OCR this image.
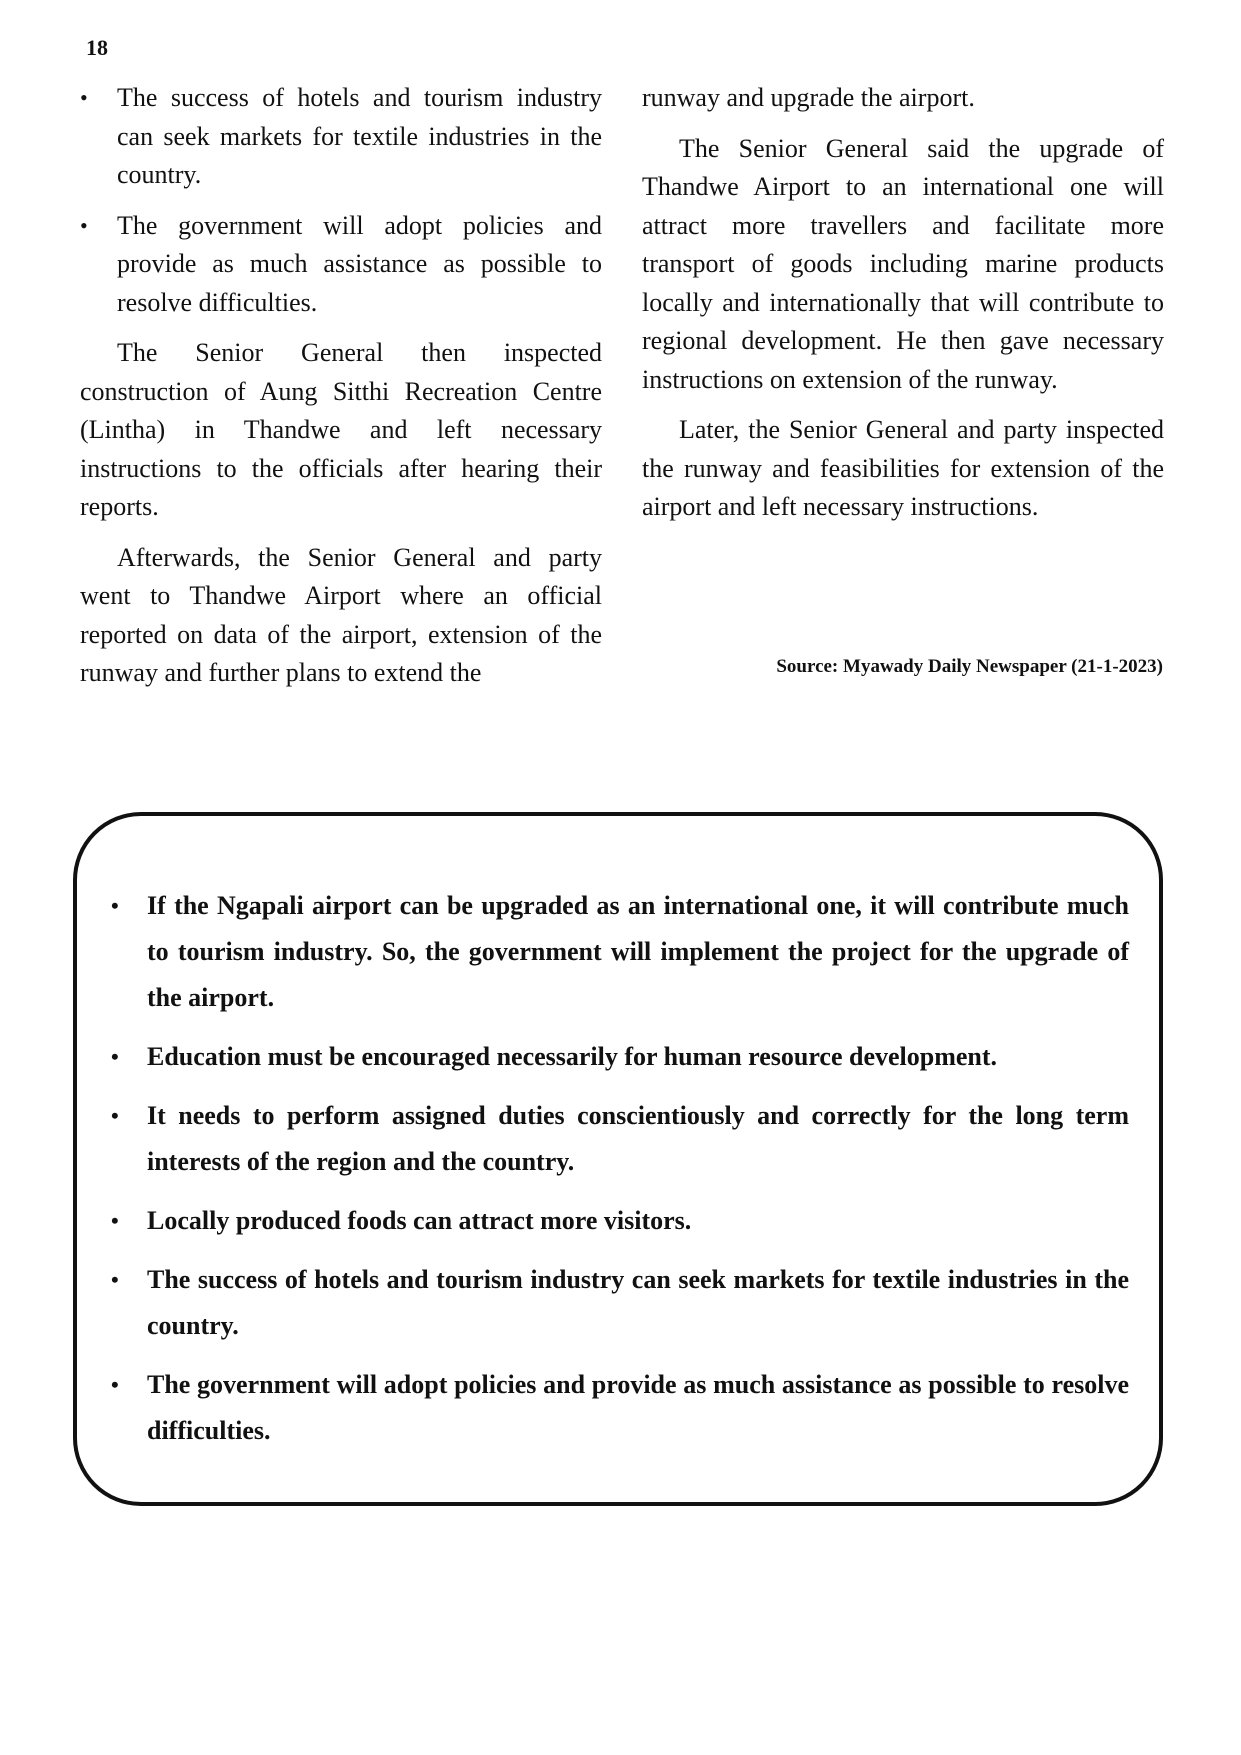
18
• The success of hotels and tourism industry can seek markets for textile industries in the country.
• The government will adopt policies and provide as much assistance as possible to resolve difficulties.

The Senior General then inspected construction of Aung Sitthi Recreation Centre (Lintha) in Thandwe and left necessary instructions to the officials after hearing their reports.

Afterwards, the Senior General and party went to Thandwe Airport where an official reported on data of the airport, extension of the runway and further plans to extend the

runway and upgrade the airport.

The Senior General said the upgrade of Thandwe Airport to an international one will attract more travellers and facilitate more transport of goods including marine products locally and internationally that will contribute to regional development. He then gave necessary instructions on extension of the runway.

Later, the Senior General and party inspected the runway and feasibilities for extension of the airport and left necessary instructions.

Source: Myawady Daily Newspaper (21-1-2023)
• If the Ngapali airport can be upgraded as an international one, it will contribute much to tourism industry. So, the government will implement the project for the upgrade of the airport.
• Education must be encouraged necessarily for human resource development.
• It needs to perform assigned duties conscientiously and correctly for the long term interests of the region and the country.
• Locally produced foods can attract more visitors.
• The success of hotels and tourism industry can seek markets for textile industries in the country.
• The government will adopt policies and provide as much assistance as possible to resolve difficulties.
